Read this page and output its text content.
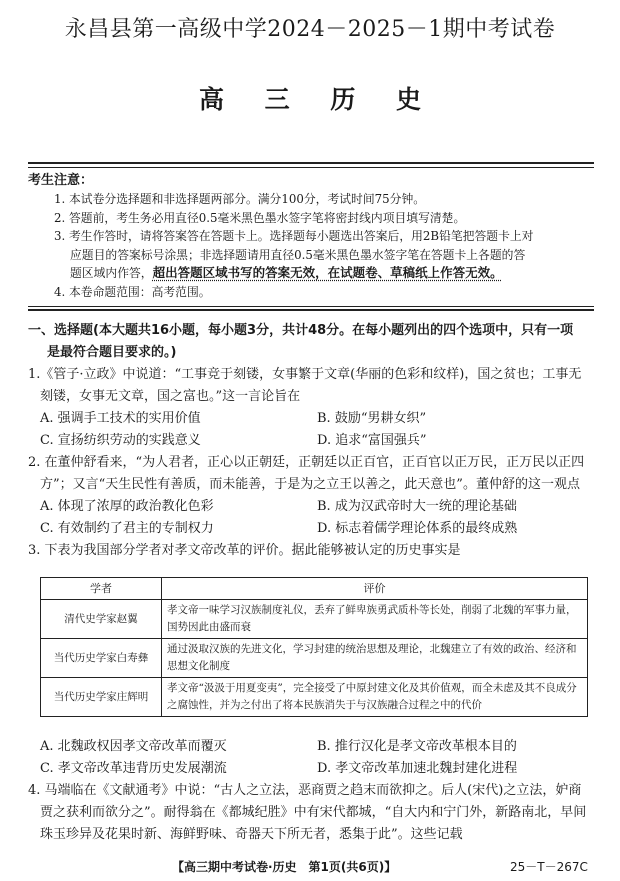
永昌县第一高级中学2024－2025－1期中考试卷
高 三 历 史
考生注意：
1. 本试卷分选择题和非选择题两部分。满分100分，考试时间75分钟。
2. 答题前，考生务必用直径0.5毫米黑色墨水签字笔将密封线内项目填写清楚。
3. 考生作答时，请将答案答在答题卡上。选择题每小题选出答案后，用2B铅笔把答题卡上对
应题目的答案标号涂黑；非选择题请用直径0.5毫米黑色墨水签字笔在答题卡上各题的答
题区域内作答，超出答题区域书写的答案无效，在试题卷、草稿纸上作答无效。
4. 本卷命题范围：高考范围。
一、选择题(本大题共16小题，每小题3分，共计48分。在每小题列出的四个选项中，只有一项
是最符合题目要求的。)
1.《管子·立政》中说道：“工事竞于刻镂，女事繁于文章(华丽的色彩和纹样)，国之贫也；工事无
刻镂，女事无文章，国之富也。”这一言论旨在
A. 强调手工技术的实用价值	B. 鼓励“男耕女织”
C. 宣扬纺织劳动的实践意义	D. 追求“富国强兵”
2. 在董仲舒看来，“为人君者，正心以正朝廷，正朝廷以正百官，正百官以正万民，正万民以正四
方”；又言“天生民性有善质，而未能善，于是为之立王以善之，此天意也”。董仲舒的这一观点
A. 体现了浓厚的政治教化色彩	B. 成为汉武帝时大一统的理论基础
C. 有效制约了君主的专制权力	D. 标志着儒学理论体系的最终成熟
3. 下表为我国部分学者对孝文帝改革的评价。据此能够被认定的历史事实是
学者	评价
清代史学家赵翼	孝文帝一味学习汉族制度礼仪，丢弃了鲜卑族勇武质朴等长处，削弱了北魏的军事力量，国势因此由盛而衰
当代历史学家白寿彝	通过汲取汉族的先进文化，学习封建的统治思想及理论，北魏建立了有效的政治、经济和思想文化制度
当代历史学家庄辉明	孝文帝“汲汲于用夏变夷”，完全接受了中原封建文化及其价值观，而全未虑及其不良成分之腐蚀性，并为之付出了将本民族消失于与汉族融合过程之中的代价
A. 北魏政权因孝文帝改革而覆灭	B. 推行汉化是孝文帝改革根本目的
C. 孝文帝改革违背历史发展潮流	D. 孝文帝改革加速北魏封建化进程
4. 马端临在《文献通考》中说：“古人之立法，恶商贾之趋末而欲抑之。后人(宋代)之立法，妒商
贾之获利而欲分之”。耐得翁在《都城纪胜》中有宋代都城，“自大内和宁门外，新路南北，早间
珠玉珍异及花果时新、海鲜野味、奇器天下所无者，悉集于此”。这些记载
【高三期中考试卷·历史　第1页(共6页)】	25－T－267C
